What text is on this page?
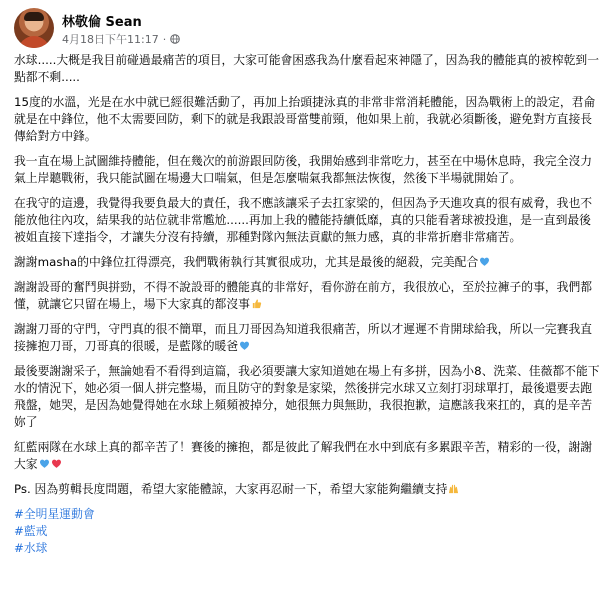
林敬倫 Sean
4月18日下午11:17 ·

水球.....大概是我目前碰過最痛苦的項目，大家可能會困惑我為什麼看起來神隱了，因為我的體能真的被榨乾到一點都不剩.....

15度的水溫，光是在水中就已經很難活動了，再加上抬頭捷泳真的非常非常消耗體能，因為戰術上的設定，君侖就是在中鋒位，他不太需要回防，剩下的就是我跟設哥當雙前頸，他如果上前，我就必須斷後，避免對方直接長傳給對方中鋒。

我一直在場上試圖維持體能，但在幾次的前游跟回防後，我開始感到非常吃力，甚至在中場休息時，我完全沒力氣上岸聽戰術，我只能試圖在場邊大口喘氣，但是怎麼喘氣我都無法恢復，然後下半場就開始了。

在我守的這邊，我覺得我要負最大的責任，我不應該讓采子去扛家梁的，但因為予天進攻真的很有威脅，我也不能放他往內攻，結果我的站位就非常尷尬......再加上我的體能持續低靡，真的只能看著球被投進，是一直到最後被姐直接下達指令，才讓失分沒有持續，那種對隊內無法貢獻的無力感，真的非常折磨非常痛苦。

謝謝masha的中鋒位扛得漂亮，我們戰術執行其實很成功，尤其是最後的絕殺，完美配合

謝謝設哥的奮鬥與拼勁，不得不說設哥的體能真的非常好，看你游在前方，我很放心，至於拉褲子的事，我們都懂，就讓它只留在場上，場下大家真的都沒事

謝謝刀哥的守門，守門真的很不簡單，而且刀哥因為知道我很痛苦，所以才遲遲不肯開球給我，所以一完賽我直接擁抱刀哥，刀哥真的很暖，是藍隊的暖爸

最後要謝謝采子，無論她看不看得到這篇，我必須要讓大家知道她在場上有多拼，因為小8、洗菜、佳薇都不能下水的情況下，她必須一個人拼完整場，而且防守的對象是家梁，然後拼完水球又立刻打羽球單打，最後還要去跑飛盤，她哭，是因為她覺得她在水球上頻頻被掉分，她很無力與無助，我很抱歉，這應該我來扛的，真的是辛苦妳了

紅藍兩隊在水球上真的都辛苦了！賽後的擁抱，都是彼此了解我們在水中到底有多累跟辛苦，精彩的一役，謝謝大家

Ps. 因為剪輯長度問題，希望大家能體諒，大家再忍耐一下，希望大家能夠繼續支持

#全明星運動會
#藍戒
#水球
